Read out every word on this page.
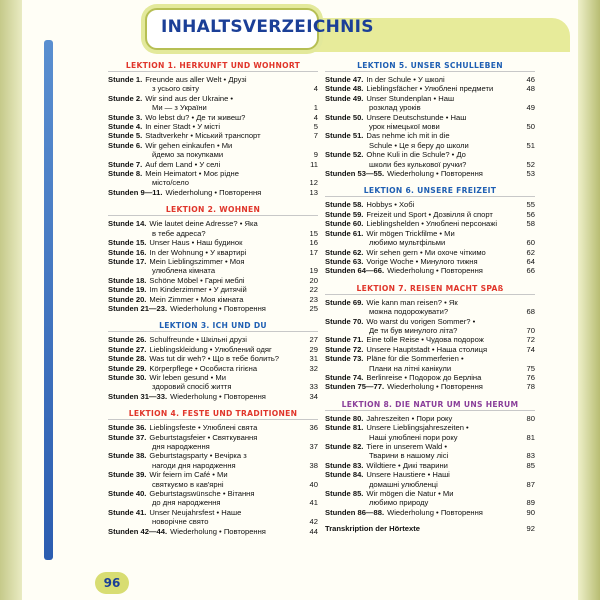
INHALTSVERZEICHNIS
LEKTION 1. HERKUNFT UND WOHNORT
Stunde 1. Freunde aus aller Welt • Друзі
з усього світу	4
Stunde 2. Wir sind aus der Ukraine •
Ми — з України	1
Stunde 3. Wo lebst du? • Де ти живеш?	4
Stunde 4. In einer Stadt • У місті	5
Stunde 5. Stadtverkehr • Міський транспорт	7
Stunde 6. Wir gehen einkaufen • Ми
йдемо за покупками	9
Stunde 7. Auf dem Land • У селі	11
Stunde 8. Mein Heimatort • Моє рідне
місто/село	12
Stunden 9—11. Wiederholung • Повторення	13
LEKTION 2. WOHNEN
Stunde 14. Wie lautet deine Adresse? • Яка
в тебе адреса?	15
Stunde 15. Unser Haus • Наш будинок	16
Stunde 16. In der Wohnung • У квартирі	17
Stunde 17. Mein Lieblingszimmer • Моя
улюблена кімната	19
Stunde 18. Schöne Möbel • Гарні меблі	20
Stunde 19. Im Kinderzimmer • У дитячій	22
Stunde 20. Mein Zimmer • Моя кімната	23
Stunden 21—23. Wiederholung • Повторення	25
LEKTION 3. ICH UND DU
Stunde 26. Schulfreunde • Шкільні друзі	27
Stunde 27. Lieblingskleidung • Улюблений одяг	29
Stunde 28. Was tut dir weh? • Що в тебе болить?	31
Stunde 29. Körperpflege • Особиста гігієна	32
Stunde 30. Wir leben gesund • Ми
здоровий спосіб життя	33
Stunden 31—33. Wiederholung • Повторення	34
LEKTION 4. FESTE UND TRADITIONEN
Stunde 36. Lieblingsfeste • Улюблені свята	36
Stunde 37. Geburtstagsfeier • Святкування
дня народження	37
Stunde 38. Geburtstagsparty • Вечірка з
нагоди дня народження	38
Stunde 39. Wir feiern im Café • Ми
святкуємо в кав'ярні	40
Stunde 40. Geburtstagswünsche • Вітання
до дня народження	41
Stunde 41. Unser Neujahrsfest • Наше
новорічне свято	42
Stunden 42—44. Wiederholung • Повторення	44
LEKTION 5. UNSER SCHULLEBEN
Stunde 47. In der Schule • У школі	46
Stunde 48. Lieblingsfächer • Улюблені предмети	48
Stunde 49. Unser Stundenplan • Наш
розклад уроків	49
Stunde 50. Unsere Deutschstunde • Наш
урок німецької мови	50
Stunde 51. Das nehme ich mit in die
Schule • Це я беру до школи	51
Stunde 52. Ohne Kuli in die Schule? • До
школи без кулькової ручки?	52
Stunden 53—55. Wiederholung • Повторення	53
LEKTION 6. UNSERE FREIZEIT
Stunde 58. Hobbys • Хобі	55
Stunde 59. Freizeit und Sport • Дозвілля й спорт	56
Stunde 60. Lieblingshelden • Улюблені персонажі	58
Stunde 61. Wir mögen Trickfilme • Ми
любимо мультфільми	60
Stunde 62. Wir sehen gern • Ми охоче чіткимо	62
Stunde 63. Vorige Woche • Минулого тижня	64
Stunden 64—66. Wiederholung • Повторення	66
LEKTION 7. REISEN MACHT SPAß
Stunde 69. Wie kann man reisen? • Як
можна подорожувати?	68
Stunde 70. Wo warst du vorigen Sommer? •
Де ти був минулого літа?	70
Stunde 71. Eine tolle Reise • Чудова подорож	72
Stunde 72. Unsere Hauptstadt • Наша столиця	74
Stunde 73. Pläne für die Sommerferien •
Плани на літні канікули	75
Stunde 74. Berlinreise • Подорож до Берліна	76
Stunden 75—77. Wiederholung • Повторення	78
LEKTION 8. DIE NATUR UM UNS HERUM
Stunde 80. Jahreszeiten • Пори року	80
Stunde 81. Unsere Lieblingsjahreszeiten •
Наші улюблені пори року	81
Stunde 82. Tiere in unserem Wald •
Тварини в нашому лісі	83
Stunde 83. Wildtiere • Дикі тварини	85
Stunde 84. Unsere Haustiere • Наші
домашні улюбленці	87
Stunde 85. Wir mögen die Natur • Ми
любимо природу	89
Stunden 86—88. Wiederholung • Повторення	90
Transkription der Hörtexte	92
96
